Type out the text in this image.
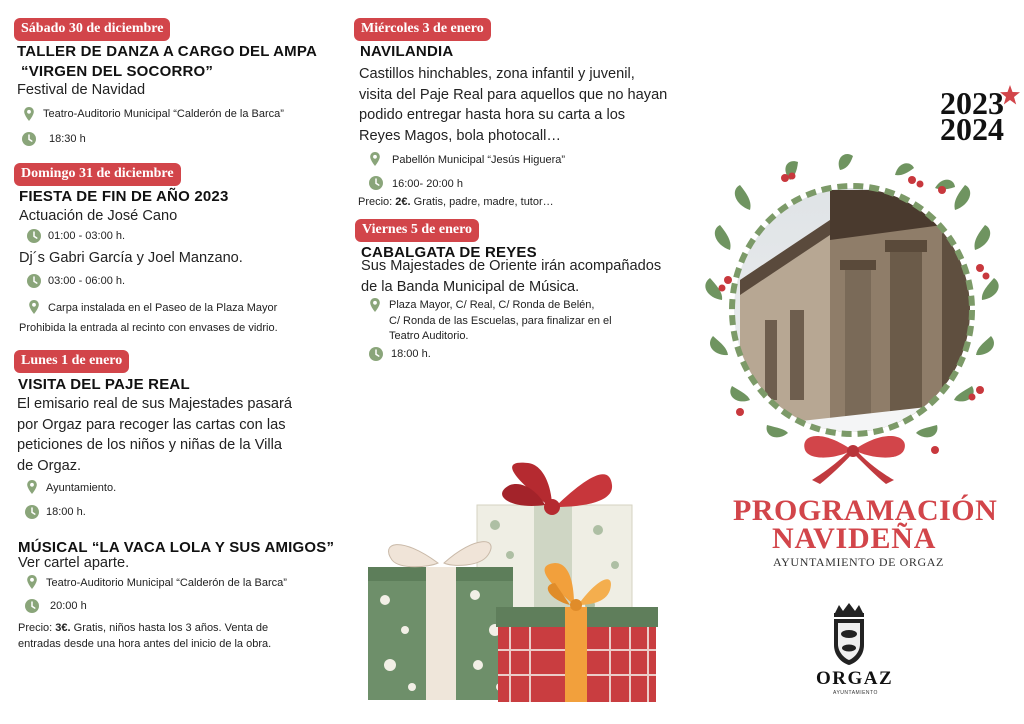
Sábado 30 de diciembre
TALLER DE DANZA A CARGO DEL AMPA
“VIRGEN DEL SOCORRO”
Festival de Navidad
Teatro-Auditorio Municipal “Calderón de la Barca”
18:30 h
Domingo 31 de diciembre
FIESTA DE FIN DE AÑO 2023
Actuación de José Cano
01:00 - 03:00 h.
Dj´s Gabri García y Joel Manzano.
03:00 - 06:00 h.
Carpa instalada en el Paseo de la Plaza Mayor
Prohibida la entrada al recinto con envases de vidrio.
Lunes 1 de enero
VISITA DEL PAJE REAL
El emisario real de sus Majestades pasará
por Orgaz para recoger las cartas con las
peticiones de los niños y niñas de la Villa
de Orgaz.
Ayuntamiento.
18:00 h.
MÚSICAL “LA VACA LOLA Y SUS AMIGOS”
Ver cartel aparte.
Teatro-Auditorio Municipal “Calderón de la Barca”
20:00 h
Precio: 3€. Gratis, niños hasta los 3 años. Venta de
entradas desde una hora antes del inicio de la obra.
Miércoles 3 de enero
NAVILANDIA
Castillos hinchables, zona infantil y juvenil,
visita del Paje Real para aquellos que no hayan
podido entregar hasta hora su carta a los
Reyes Magos, bola photocall…
Pabellón Municipal “Jesús Higuera”
16:00- 20:00 h
Precio: 2€. Gratis, padre, madre, tutor…
Viernes 5 de enero
CABALGATA DE REYES
Sus Majestades de Oriente irán acompañados
de la Banda Municipal de Música.
Plaza Mayor, C/ Real, C/ Ronda de Belén,
C/ Ronda de las Escuelas, para finalizar en el
Teatro Auditorio.
18:00 h.
2023
2024
PROGRAMACIÓN
NAVIDEÑA
AYUNTAMIENTO DE ORGAZ
ORGAZ
AYUNTAMIENTO
